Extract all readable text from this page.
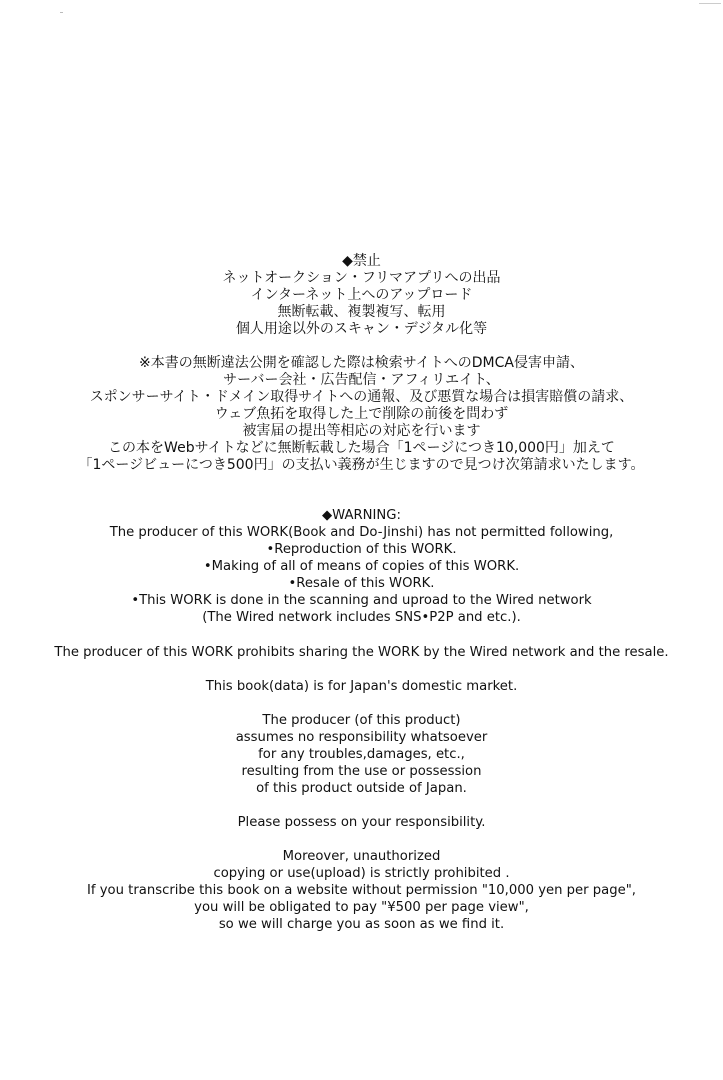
◆禁止
ネットオークション・フリマアプリへの出品
インターネット上へのアップロード
無断転載、複製複写、転用
個人用途以外のスキャン・デジタル化等
※本書の無断違法公開を確認した際は検索サイトへのDMCA侵害申請、
サーバー会社・広告配信・アフィリエイト、
スポンサーサイト・ドメイン取得サイトへの通報、及び悪質な場合は損害賠償の請求、
ウェブ魚拓を取得した上で削除の前後を問わず
被害届の提出等相応の対応を行います
この本をWebサイトなどに無断転載した場合「1ページにつき10,000円」加えて
「1ページビューにつき500円」の支払い義務が生じますので見つけ次第請求いたします。
◆WARNING:
The producer of this WORK(Book and Do-Jinshi) has not permitted following,
•Reproduction of this WORK.
•Making of all of means of copies of this WORK.
•Resale of this WORK.
•This WORK is done in the scanning and uproad to the Wired network
(The Wired network includes SNS•P2P and etc.).
The producer of this WORK prohibits sharing the WORK by the Wired network and the resale.
This book(data) is for Japan's domestic market.
The producer (of this product)
assumes no responsibility whatsoever
for any troubles,damages, etc.,
resulting from the use or possession
of this product outside of Japan.
Please possess on your responsibility.
Moreover, unauthorized
copying or use(upload) is strictly prohibited .
If you transcribe this book on a website without permission "10,000 yen per page",
you will be obligated to pay "¥500 per page view",
so we will charge you as soon as we find it.
